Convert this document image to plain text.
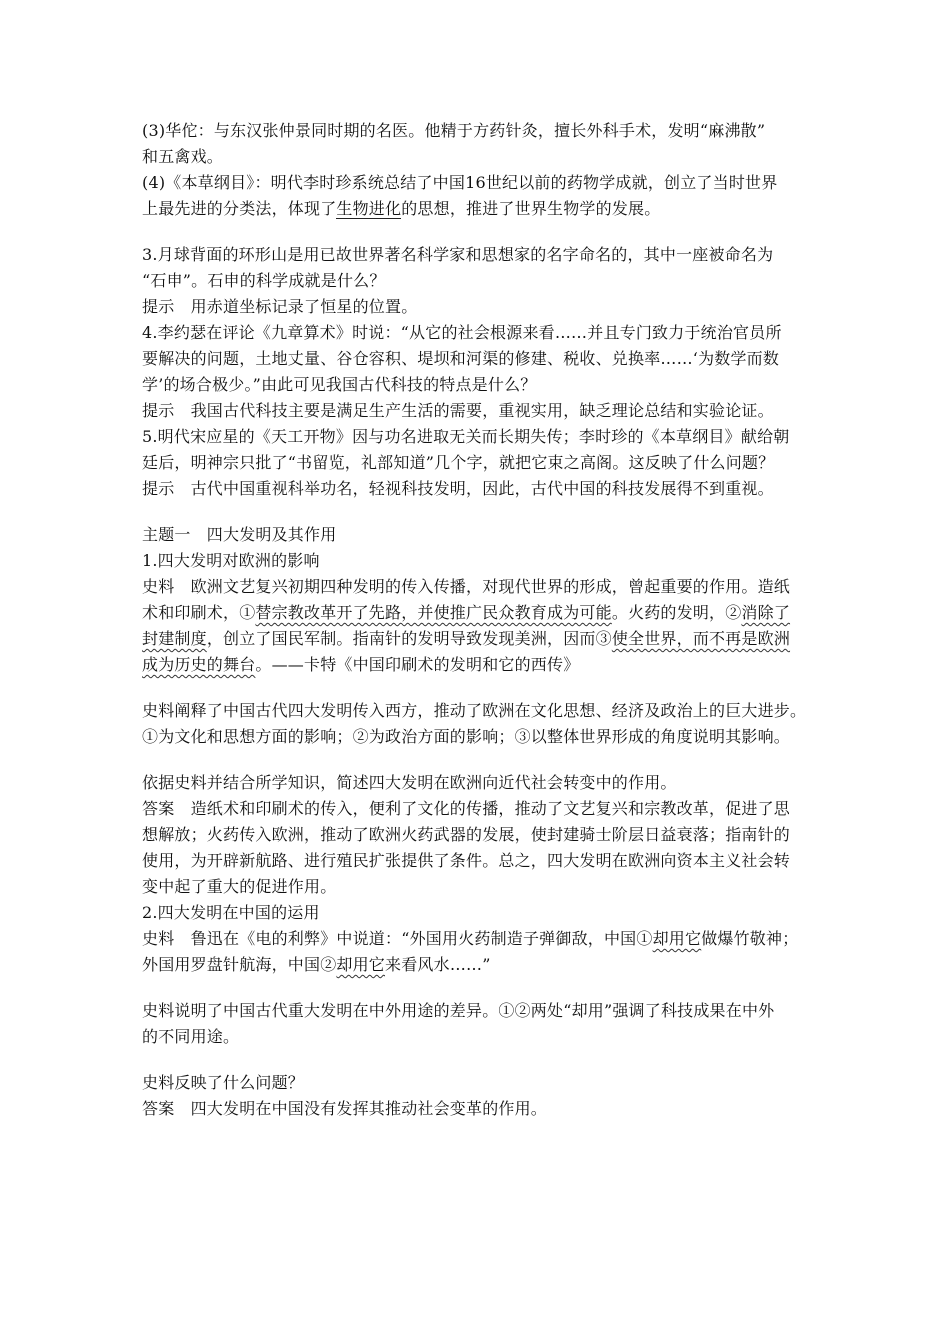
(3)华佗：与东汉张仲景同时期的名医。他精于方药针灸，擅长外科手术，发明“麻沸散”
和五禽戏。
(4)《本草纲目》：明代李时珍系统总结了中国16世纪以前的药物学成就，创立了当时世界
上最先进的分类法，体现了生物进化的思想，推进了世界生物学的发展。
3.月球背面的环形山是用已故世界著名科学家和思想家的名字命名的，其中一座被命名为
“石申”。石申的科学成就是什么？
提示　用赤道坐标记录了恒星的位置。
4.李约瑟在评论《九章算术》时说：“从它的社会根源来看……并且专门致力于统治官员所
要解决的问题，土地丈量、谷仓容积、堤坝和河渠的修建、税收、兑换率……‘为数学而数
学’的场合极少。”由此可见我国古代科技的特点是什么？
提示　我国古代科技主要是满足生产生活的需要，重视实用，缺乏理论总结和实验论证。
5.明代宋应星的《天工开物》因与功名进取无关而长期失传；李时珍的《本草纲目》献给朝
廷后，明神宗只批了“书留览，礼部知道”几个字，就把它束之高阁。这反映了什么问题？
提示　古代中国重视科举功名，轻视科技发明，因此，古代中国的科技发展得不到重视。
主题一　四大发明及其作用
1.四大发明对欧洲的影响
史料　欧洲文艺复兴初期四种发明的传入传播，对现代世界的形成，曾起重要的作用。造纸
术和印刷术，①替宗教改革开了先路，并使推广民众教育成为可能。火药的发明，②消除了
封建制度，创立了国民军制。指南针的发明导致发现美洲，因而③使全世界，而不再是欧洲
成为历史的舞台。——卡特《中国印刷术的发明和它的西传》
史料阐释了中国古代四大发明传入西方，推动了欧洲在文化思想、经济及政治上的巨大进步。
①为文化和思想方面的影响；②为政治方面的影响；③以整体世界形成的角度说明其影响。
依据史料并结合所学知识，简述四大发明在欧洲向近代社会转变中的作用。
答案　造纸术和印刷术的传入，便利了文化的传播，推动了文艺复兴和宗教改革，促进了思
想解放；火药传入欧洲，推动了欧洲火药武器的发展，使封建骑士阶层日益衰落；指南针的
使用，为开辟新航路、进行殖民扩张提供了条件。总之，四大发明在欧洲向资本主义社会转
变中起了重大的促进作用。
2.四大发明在中国的运用
史料　鲁迅在《电的利弊》中说道：“外国用火药制造子弹御敌，中国①却用它做爆竹敬神；
外国用罗盘针航海，中国②却用它来看风水……”
史料说明了中国古代重大发明在中外用途的差异。①②两处“却用”强调了科技成果在中外
的不同用途。
史料反映了什么问题？
答案　四大发明在中国没有发挥其推动社会变革的作用。
